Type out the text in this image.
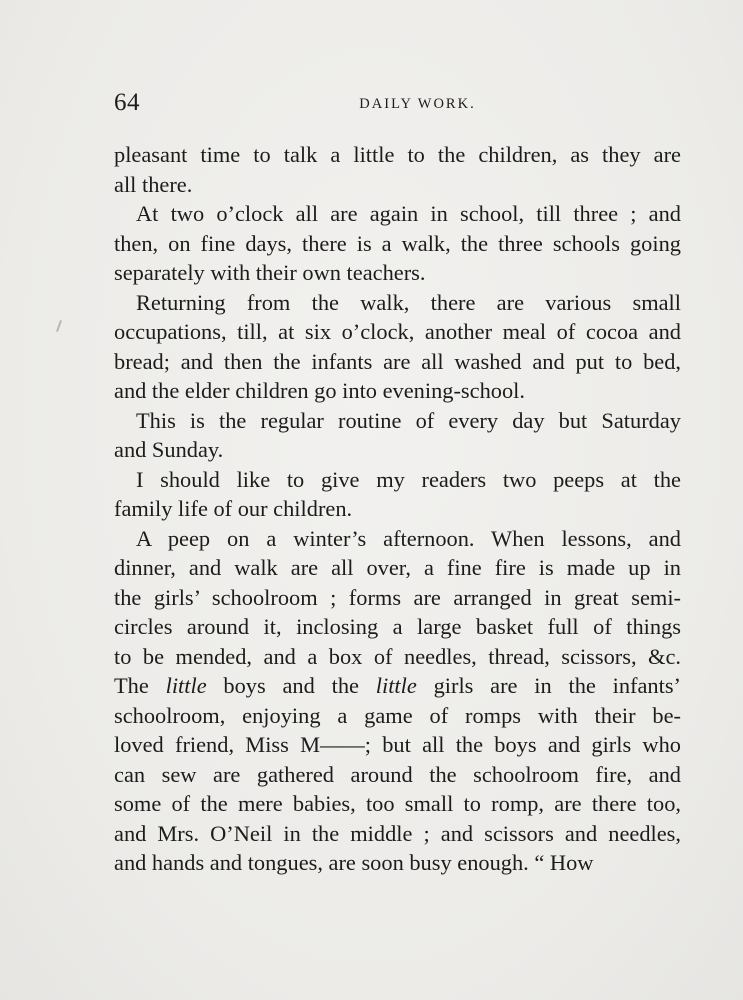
64	DAILY WORK.
pleasant time to talk a little to the children, as they are
all there.
At two o’clock all are again in school, till three ; and
then, on fine days, there is a walk, the three schools going
separately with their own teachers.
Returning from the walk, there are various small
occupations, till, at six o’clock, another meal of cocoa and
bread; and then the infants are all washed and put to bed,
and the elder children go into evening-school.
This is the regular routine of every day but Saturday
and Sunday.
I should like to give my readers two peeps at the
family life of our children.
A peep on a winter’s afternoon. When lessons, and
dinner, and walk are all over, a fine fire is made up in
the girls’ schoolroom ; forms are arranged in great semi-
circles around it, inclosing a large basket full of things
to be mended, and a box of needles, thread, scissors, &c.
The little boys and the little girls are in the infants’
schoolroom, enjoying a game of romps with their be-
loved friend, Miss M——; but all the boys and girls who
can sew are gathered around the schoolroom fire, and
some of the mere babies, too small to romp, are there too,
and Mrs. O’Neil in the middle ; and scissors and needles,
and hands and tongues, are soon busy enough. “ How
